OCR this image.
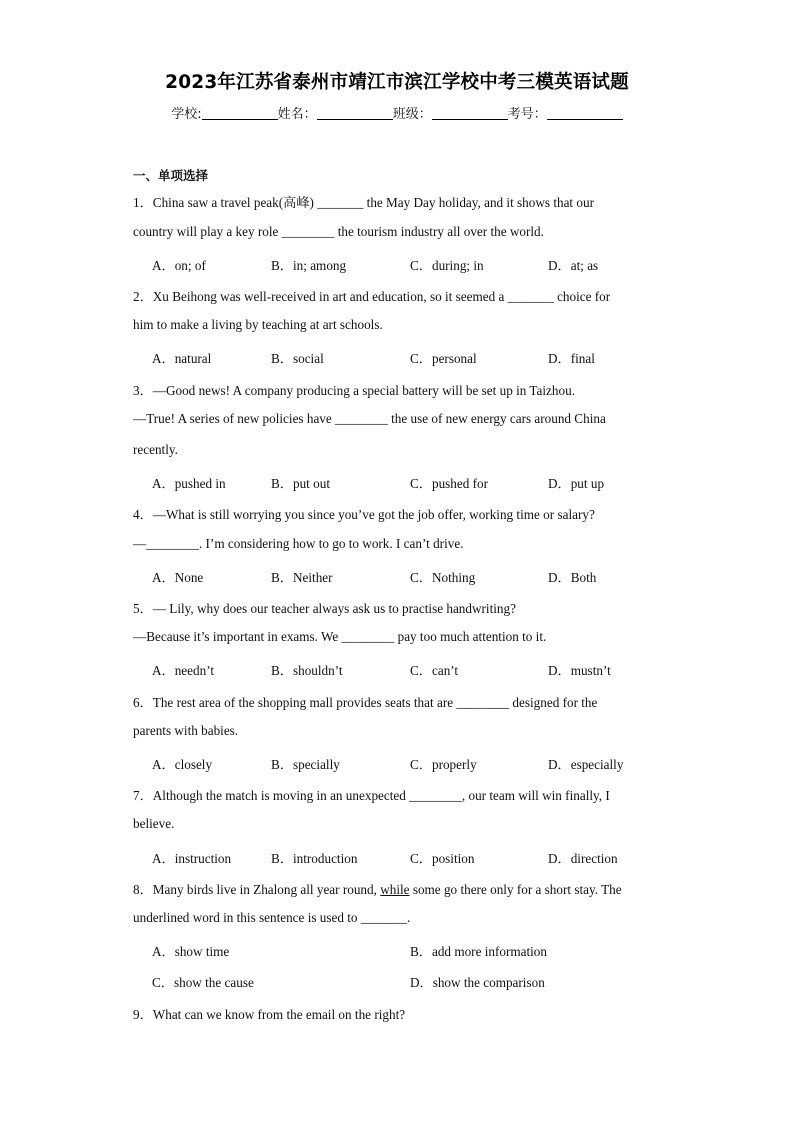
2023年江苏省泰州市靖江市滨江学校中考三模英语试题
学校:	姓名：	班级：	考号：
一、单项选择
1．China saw a travel peak(高峰) _______ the May Day holiday, and it shows that our
country will play a key role ________ the tourism industry all over the world.
A．on; of	B．in; among	C．during; in	D．at; as
2．Xu Beihong was well-received in art and education, so it seemed a _______ choice for
him to make a living by teaching at art schools.
A．natural	B．social	C．personal	D．final
3．—Good news! A company producing a special battery will be set up in Taizhou.
—True! A series of new policies have ________ the use of new energy cars around China
recently.
A．pushed in	B．put out	C．pushed for	D．put up
4．—What is still worrying you since you’ve got the job offer, working time or salary?
—________. I’m considering how to go to work. I can’t drive.
A．None	B．Neither	C．Nothing	D．Both
5．— Lily, why does our teacher always ask us to practise handwriting?
—Because it’s important in exams. We ________ pay too much attention to it.
A．needn’t	B．shouldn’t	C．can’t	D．mustn’t
6．The rest area of the shopping mall provides seats that are ________ designed for the
parents with babies.
A．closely	B．specially	C．properly	D．especially
7．Although the match is moving in an unexpected ________, our team will win finally, I
believe.
A．instruction	B．introduction	C．position	D．direction
8．Many birds live in Zhalong all year round, while some go there only for a short stay. The
underlined word in this sentence is used to _______.
A．show time	B．add more information
C．show the cause	D．show the comparison
9．What can we know from the email on the right?
